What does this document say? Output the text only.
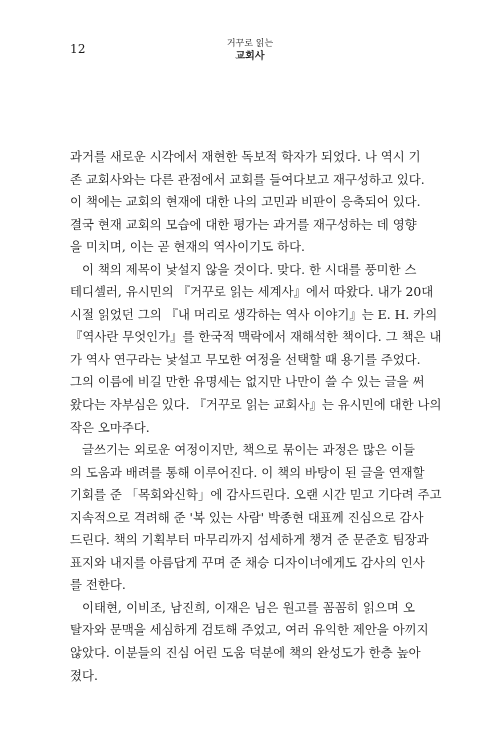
12	거꾸로 읽는
교회사

과거를 새로운 시각에서 재현한 독보적 학자가 되었다. 나 역시 기
존 교회사와는 다른 관점에서 교회를 들여다보고 재구성하고 있다.
이 책에는 교회의 현재에 대한 나의 고민과 비판이 응축되어 있다.
결국 현재 교회의 모습에 대한 평가는 과거를 재구성하는 데 영향
을 미치며, 이는 곧 현재의 역사이기도 하다.

이 책의 제목이 낯설지 않을 것이다. 맞다. 한 시대를 풍미한 스
테디셀러, 유시민의 『거꾸로 읽는 세계사』에서 따왔다. 내가 20대
시절 읽었던 그의 『내 머리로 생각하는 역사 이야기』는 E. H. 카의
『역사란 무엇인가』를 한국적 맥락에서 재해석한 책이다. 그 책은 내
가 역사 연구라는 낯설고 무모한 여정을 선택할 때 용기를 주었다.
그의 이름에 비길 만한 유명세는 없지만 나만이 쓸 수 있는 글을 써
왔다는 자부심은 있다. 『거꾸로 읽는 교회사』는 유시민에 대한 나의
작은 오마주다.

글쓰기는 외로운 여정이지만, 책으로 묶이는 과정은 많은 이들
의 도움과 배려를 통해 이루어진다. 이 책의 바탕이 된 글을 연재할
기회를 준 「목회와신학」에 감사드린다. 오랜 시간 믿고 기다려 주고
지속적으로 격려해 준 '복 있는 사람' 박종현 대표께 진심으로 감사
드린다. 책의 기획부터 마무리까지 섬세하게 챙겨 준 문준호 팀장과
표지와 내지를 아름답게 꾸며 준 채승 디자이너에게도 감사의 인사
를 전한다.

이태현, 이비조, 남진희, 이재은 님은 원고를 꼼꼼히 읽으며 오
탈자와 문맥을 세심하게 검토해 주었고, 여러 유익한 제안을 아끼지
않았다. 이분들의 진심 어린 도움 덕분에 책의 완성도가 한층 높아
졌다.
